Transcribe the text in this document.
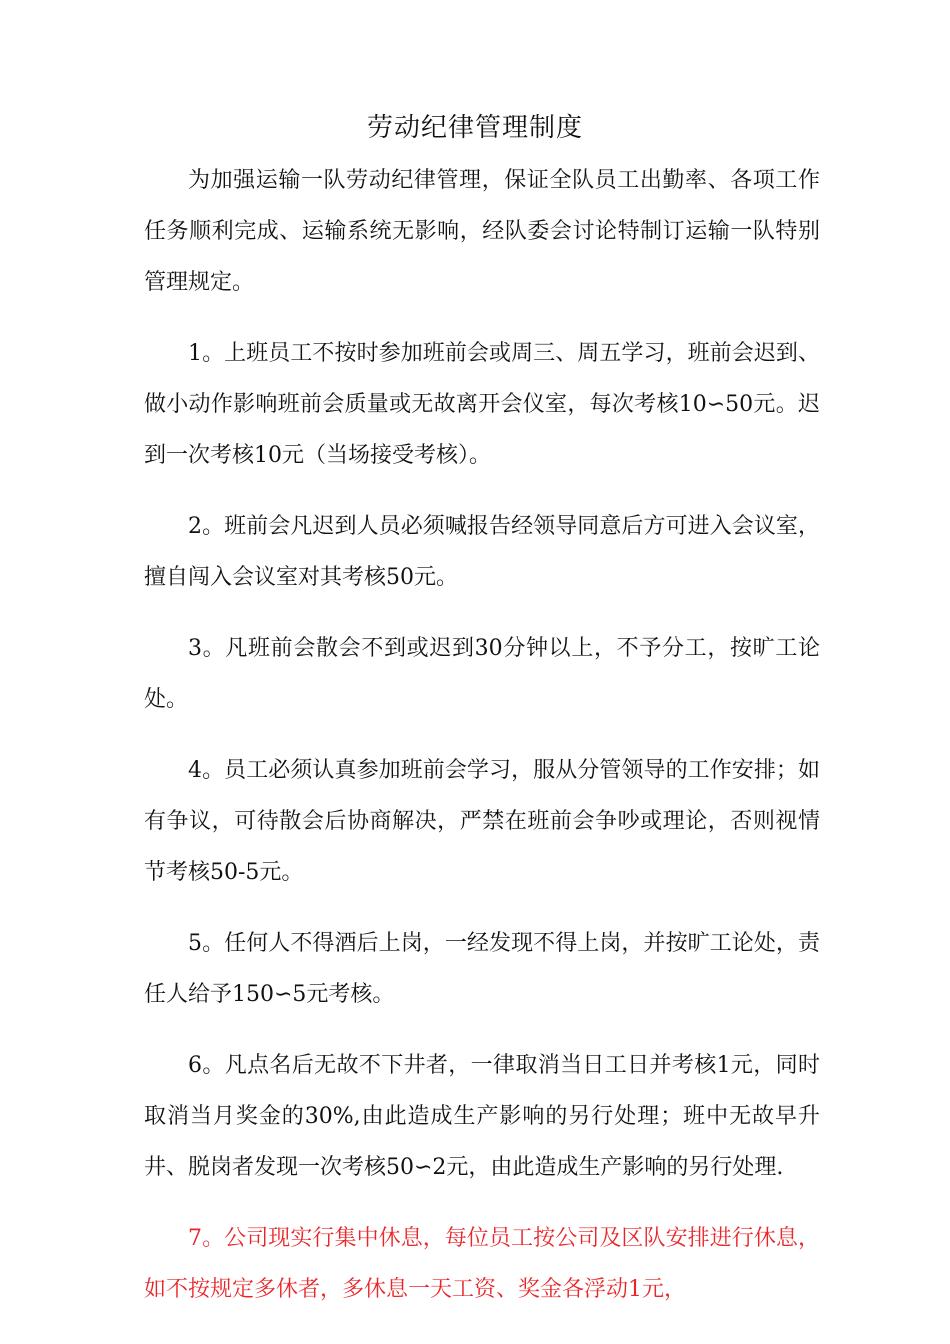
劳动纪律管理制度

为加强运输一队劳动纪律管理，保证全队员工出勤率、各项工作任务顺利完成、运输系统无影响，经队委会讨论特制订运输一队特别管理规定。

1。上班员工不按时参加班前会或周三、周五学习，班前会迟到、做小动作影响班前会质量或无故离开会仪室，每次考核10∽50元。迟到一次考核10元（当场接受考核）。

2。班前会凡迟到人员必须喊报告经领导同意后方可进入会议室，擅自闯入会议室对其考核50元。

3。凡班前会散会不到或迟到30分钟以上，不予分工，按旷工论处。

4。员工必须认真参加班前会学习，服从分管领导的工作安排；如有争议，可待散会后协商解决，严禁在班前会争吵或理论，否则视情节考核50-5元。

5。任何人不得酒后上岗，一经发现不得上岗，并按旷工论处，责任人给予150∽5元考核。

6。凡点名后无故不下井者，一律取消当日工日并考核1元，同时取消当月奖金的30%,由此造成生产影响的另行处理；班中无故早升井、脱岗者发现一次考核50∽2元，由此造成生产影响的另行处理.

7。公司现实行集中休息，每位员工按公司及区队安排进行休息，如不按规定多休者，多休息一天工资、奖金各浮动1元，
